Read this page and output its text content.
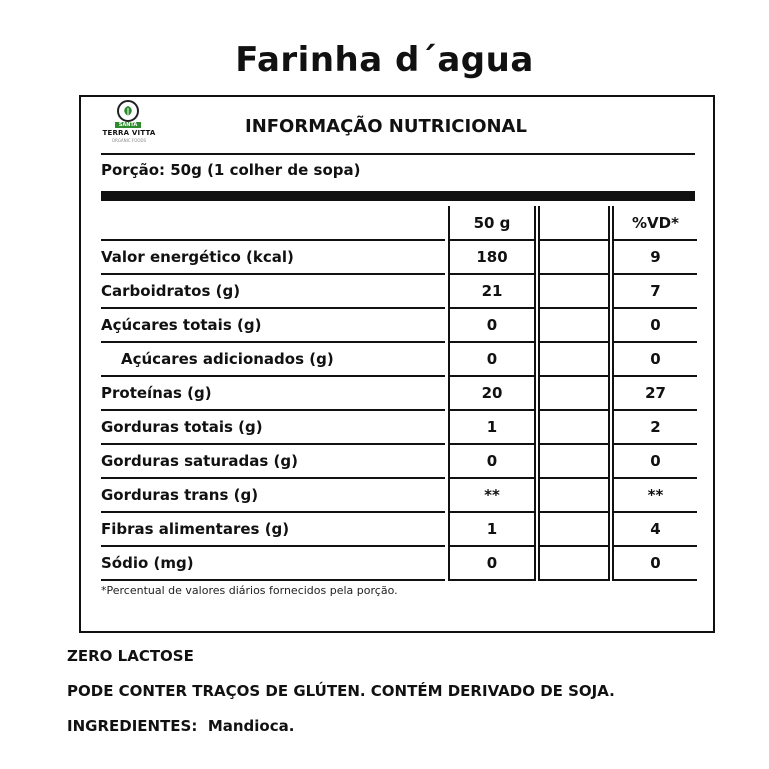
Farinha d´agua
SANTA
TERRA VITTA
ORGANIC FOODS
INFORMAÇÃO NUTRICIONAL
Porção: 50g (1 colher de sopa)
		50 g				%VD*
Valor energético (kcal)		180				9
Carboidratos (g)		21				7
Açúcares totais (g)		0				0
Açúcares adicionados (g)		0				0
Proteínas (g)		20				27
Gorduras totais (g)		1				2
Gorduras saturadas (g)		0				0
Gorduras trans (g)		**				**
Fibras alimentares (g)		1				4
Sódio (mg)		0				0
*Percentual de valores diários fornecidos pela porção.
ZERO LACTOSE
PODE CONTER TRAÇOS DE GLÚTEN. CONTÉM DERIVADO DE SOJA.
INGREDIENTES: Mandioca.
